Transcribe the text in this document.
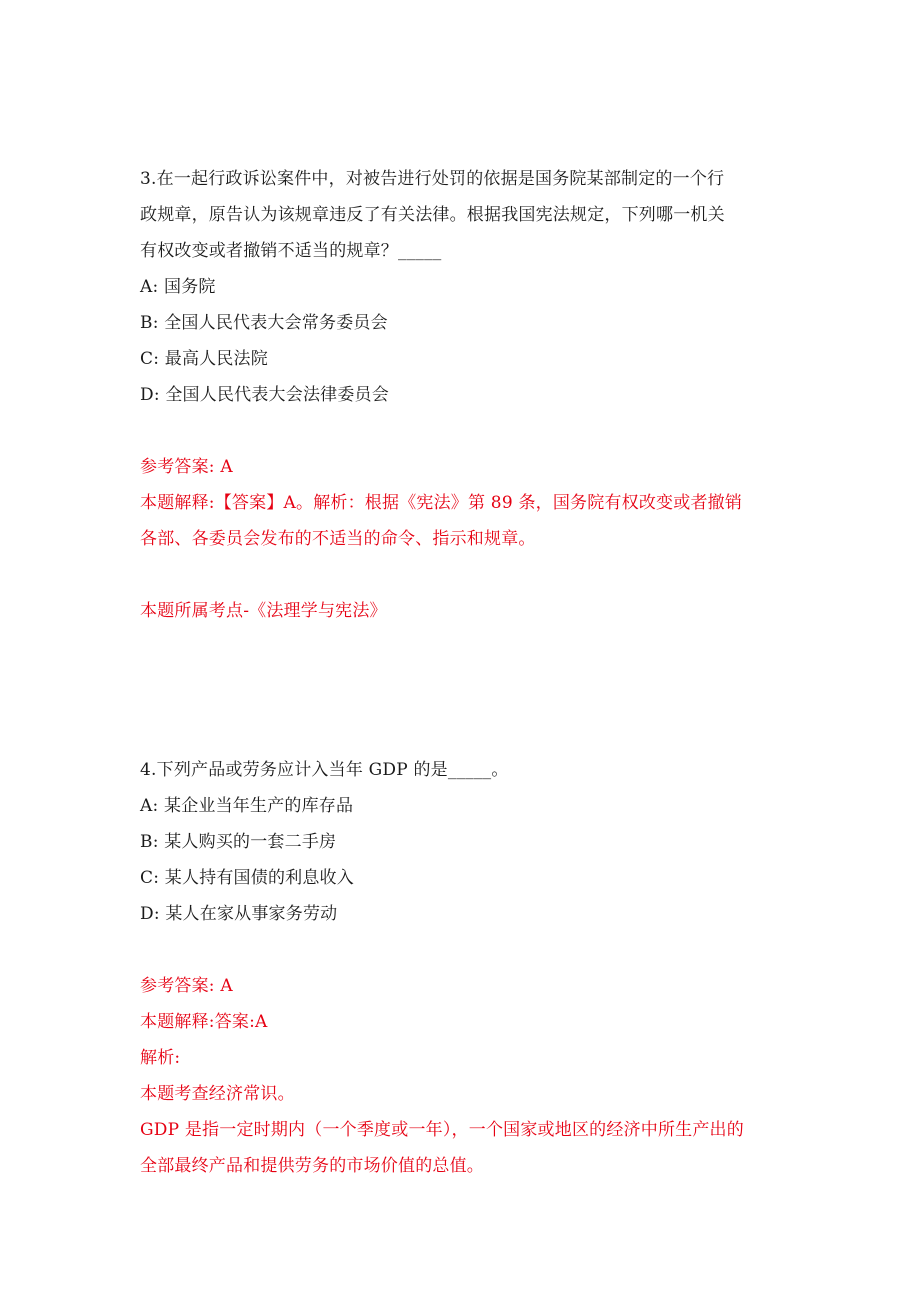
3.在一起行政诉讼案件中，对被告进行处罚的依据是国务院某部制定的一个行
政规章，原告认为该规章违反了有关法律。根据我国宪法规定，下列哪一机关
有权改变或者撤销不适当的规章？_____
A: 国务院
B: 全国人民代表大会常务委员会
C: 最高人民法院
D: 全国人民代表大会法律委员会
参考答案: A
本题解释:【答案】A。解析：根据《宪法》第 89 条，国务院有权改变或者撤销
各部、各委员会发布的不适当的命令、指示和规章。
本题所属考点-《法理学与宪法》
4.下列产品或劳务应计入当年 GDP 的是_____。
A: 某企业当年生产的库存品
B: 某人购买的一套二手房
C: 某人持有国债的利息收入
D: 某人在家从事家务劳动
参考答案: A
本题解释:答案:A
解析:
本题考查经济常识。
GDP 是指一定时期内（一个季度或一年），一个国家或地区的经济中所生产出的
全部最终产品和提供劳务的市场价值的总值。
